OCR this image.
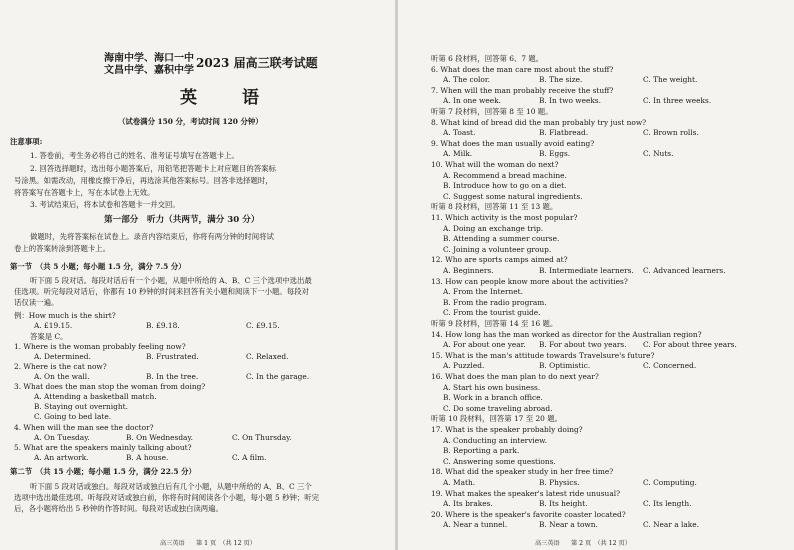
海南中学、海口一中
文昌中学、嘉积中学
2023 届高三联考试题
英　语
（试卷满分 150 分，考试时间 120 分钟）
注意事项:
1. 答卷前，考生务必将自己的姓名、准考证号填写在答题卡上。
2. 回答选择题时，选出每小题答案后，用铅笔把答题卡上对应题目的答案标
号涂黑。如需改动，用橡皮擦干净后，再选涂其他答案标号。回答非选择题时，
将答案写在答题卡上，写在本试卷上无效。
3. 考试结束后，将本试卷和答题卡一并交回。
第一部分　听力（共两节，满分 30 分）
做题时，先将答案标在试卷上。录音内容结束后，你将有两分钟的时间将试
卷上的答案转涂到答题卡上。
第一节　（共 5 小题；每小题 1.5 分，满分 7.5 分）
听下面 5 段对话。每段对话后有一个小题，从题中所给的 A、B、C 三个选项中选出最
佳选项。听完每段对话后，你都有 10 秒钟的时间来回答有关小题和阅读下一小题。每段对
话仅读一遍。
例：How much is the shirt?
A. £19.15.	B. £9.18.	C. £9.15.
答案是 C。
1. Where is the woman probably feeling now?
A. Determined.	B. Frustrated.	C. Relaxed.
2. Where is the cat now?
A. On the wall.	B. In the tree.	C. In the garage.
3. What does the man stop the woman from doing?
A. Attending a basketball match.
B. Staying out overnight.
C. Going to bed late.
4. When will the man see the doctor?
A. On Tuesday.	B. On Wednesday.	C. On Thursday.
5. What are the speakers mainly talking about?
A. An artwork.	B. A house.	C. A film.
第二节　（共 15 小题；每小题 1.5 分，满分 22.5 分）
听下面 5 段对话或独白。每段对话或独白后有几个小题，从题中所给的 A、B、C 三个
选项中选出最佳选项。听每段对话或独白前，你将有时间阅读各个小题，每小题 5 秒钟；听完
后，各小题将给出 5 秒钟的作答时间。每段对话或独白读两遍。
高三英语 第 1 页　（共 12 页）	高三英语 第 2 页　（共 12 页）
听第 6 段材料，回答第 6、7 题。
6. What does the man care most about the stuff?
A. The color.	B. The size.	C. The weight.
7. When will the man probably receive the stuff?
A. In one week.	B. In two weeks.	C. In three weeks.
听第 7 段材料，回答第 8 至 10 题。
8. What kind of bread did the man probably try just now?
A. Toast.	B. Flatbread.	C. Brown rolls.
9. What does the man usually avoid eating?
A. Milk.	B. Eggs.	C. Nuts.
10. What will the woman do next?
A. Recommend a bread machine.
B. Introduce how to go on a diet.
C. Suggest some natural ingredients.
听第 8 段材料，回答第 11 至 13 题。
11. Which activity is the most popular?
A. Doing an exchange trip.
B. Attending a summer course.
C. Joining a volunteer group.
12. Who are sports camps aimed at?
A. Beginners.	B. Intermediate learners. C. Advanced learners.
13. How can people know more about the activities?
A. From the Internet.
B. From the radio program.
C. From the tourist guide.
听第 9 段材料，回答第 14 至 16 题。
14. How long has the man worked as director for the Australian region?
A. For about one year. B. For about two years. C. For about three years.
15. What is the man's attitude towards Travelsure's future?
A. Puzzled.	B. Optimistic.	C. Concerned.
16. What does the man plan to do next year?
A. Start his own business.
B. Work in a branch office.
C. Do some traveling abroad.
听第 10 段材料，回答第 17 至 20 题。
17. What is the speaker probably doing?
A. Conducting an interview.
B. Reporting a park.
C. Answering some questions.
18. What did the speaker study in her free time?
A. Math.	B. Physics.	C. Computing.
19. What makes the speaker's latest ride unusual?
A. Its brakes.	B. Its height.	C. Its length.
20. Where is the speaker's favorite coaster located?
A. Near a tunnel.	B. Near a town.	C. Near a lake.
